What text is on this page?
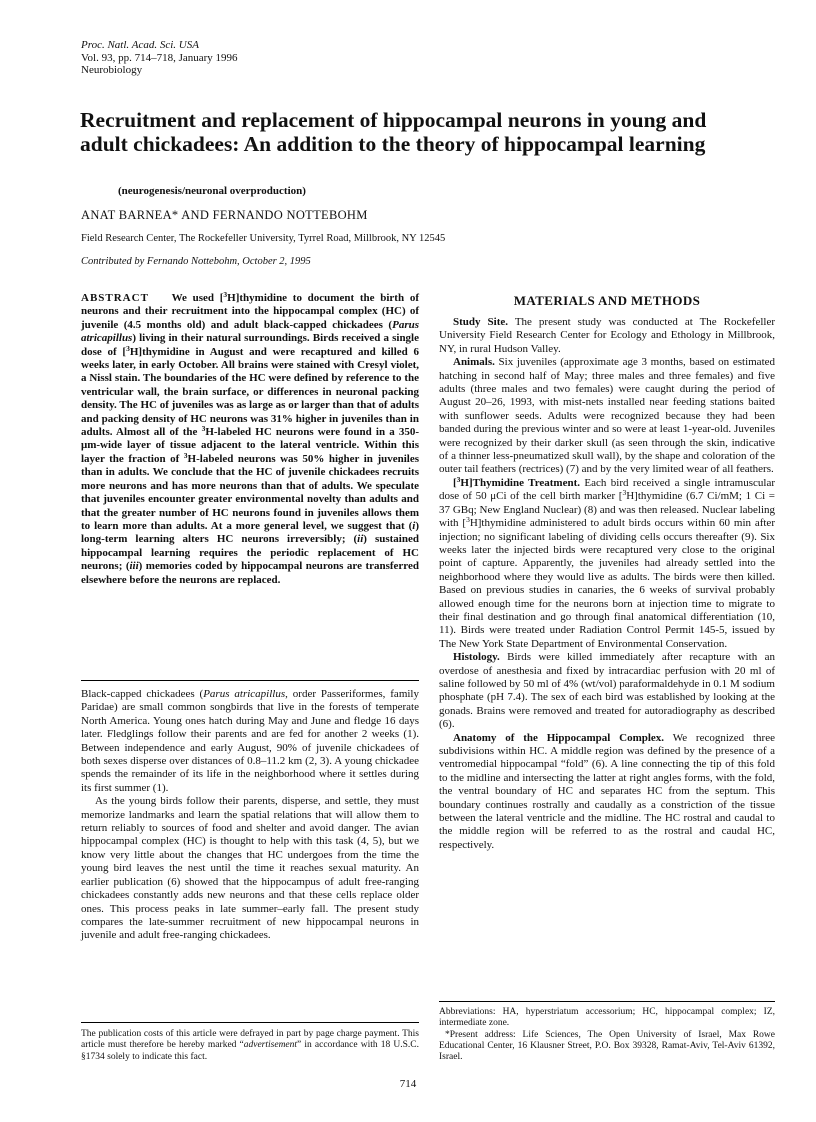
Proc. Natl. Acad. Sci. USA
Vol. 93, pp. 714–718, January 1996
Neurobiology
Recruitment and replacement of hippocampal neurons in young and adult chickadees: An addition to the theory of hippocampal learning
(neurogenesis/neuronal overproduction)
ANAT BARNEA* AND FERNANDO NOTTEBOHM
Field Research Center, The Rockefeller University, Tyrrel Road, Millbrook, NY 12545
Contributed by Fernando Nottebohm, October 2, 1995

ABSTRACT We used [$^3$H]thymidine to document the birth of neurons and their recruitment into the hippocampal complex (HC) of juvenile (4.5 months old) and adult black-capped chickadees (Parus atricapillus) living in their natural surroundings. Birds received a single dose of [$^3$H]thymidine in August and were recaptured and killed 6 weeks later, in early October. All brains were stained with Cresyl violet, a Nissl stain. The boundaries of the HC were defined by reference to the ventricular wall, the brain surface, or differences in neuronal packing density. The HC of juveniles was as large as or larger than that of adults and packing density of HC neurons was 31% higher in juveniles than in adults. Almost all of the $^3$H-labeled HC neurons were found in a 350-μm-wide layer of tissue adjacent to the lateral ventricle. Within this layer the fraction of $^3$H-labeled neurons was 50% higher in juveniles than in adults. We conclude that the HC of juvenile chickadees recruits more neurons and has more neurons than that of adults. We speculate that juveniles encounter greater environmental novelty than adults and that the greater number of HC neurons found in juveniles allows them to learn more than adults. At a more general level, we suggest that (i) long-term learning alters HC neurons irreversibly; (ii) sustained hippocampal learning requires the periodic replacement of HC neurons; (iii) memories coded by hippocampal neurons are transferred elsewhere before the neurons are replaced.

Black-capped chickadees (Parus atricapillus, order Passeriformes, family Paridae) are small common songbirds that live in the forests of temperate North America. Young ones hatch during May and June and fledge 16 days later. Fledglings follow their parents and are fed for another 2 weeks (1). Between independence and early August, 90% of juvenile chickadees of both sexes disperse over distances of 0.8–11.2 km (2, 3). A young chickadee spends the remainder of its life in the neighborhood where it settles during its first summer (1).

As the young birds follow their parents, disperse, and settle, they must memorize landmarks and learn the spatial relations that will allow them to return reliably to sources of food and shelter and avoid danger. The avian hippocampal complex (HC) is thought to help with this task (4, 5), but we know very little about the changes that HC undergoes from the time the young bird leaves the nest until the time it reaches sexual maturity. An earlier publication (6) showed that the hippocampus of adult free-ranging chickadees constantly adds new neurons and that these cells replace older ones. This process peaks in late summer–early fall. The present study compares the late-summer recruitment of new hippocampal neurons in juvenile and adult free-ranging chickadees.

The publication costs of this article were defrayed in part by page charge payment. This article must therefore be hereby marked “advertisement” in accordance with 18 U.S.C. §1734 solely to indicate this fact.

MATERIALS AND METHODS

Study Site. The present study was conducted at The Rockefeller University Field Research Center for Ecology and Ethology in Millbrook, NY, in rural Hudson Valley.

Animals. Six juveniles (approximate age 3 months, based on estimated hatching in second half of May; three males and three females) and five adults (three males and two females) were caught during the period of August 20–26, 1993, with mist-nets installed near feeding stations baited with sunflower seeds. Adults were recognized because they had been banded during the previous winter and so were at least 1-year-old. Juveniles were recognized by their darker skull (as seen through the skin, indicative of a thinner less-pneumatized skull wall), by the shape and coloration of the outer tail feathers (rectrices) (7) and by the very limited wear of all feathers.

[$^3$H]Thymidine Treatment. Each bird received a single intramuscular dose of 50 μCi of the cell birth marker [$^3$H]thymidine (6.7 Ci/mM; 1 Ci = 37 GBq; New England Nuclear) (8) and was then released. Nuclear labeling with [$^3$H]thymidine administered to adult birds occurs within 60 min after injection; no significant labeling of dividing cells occurs thereafter (9). Six weeks later the injected birds were recaptured very close to the original point of capture. Apparently, the juveniles had already settled into the neighborhood where they would live as adults. The birds were then killed. Based on previous studies in canaries, the 6 weeks of survival probably allowed enough time for the neurons born at injection time to migrate to their final destination and go through final anatomical differentiation (10, 11). Birds were treated under Radiation Control Permit 145-5, issued by The New York State Department of Environmental Conservation.

Histology. Birds were killed immediately after recapture with an overdose of anesthesia and fixed by intracardiac perfusion with 20 ml of saline followed by 50 ml of 4% (wt/vol) paraformaldehyde in 0.1 M sodium phosphate (pH 7.4). The sex of each bird was established by looking at the gonads. Brains were removed and treated for autoradiography as described (6).

Anatomy of the Hippocampal Complex. We recognized three subdivisions within HC. A middle region was defined by the presence of a ventromedial hippocampal “fold” (6). A line connecting the tip of this fold to the midline and intersecting the latter at right angles forms, with the fold, the ventral boundary of HC and separates HC from the septum. This boundary continues rostrally and caudally as a constriction of the tissue between the lateral ventricle and the midline. The HC rostral and caudal to the middle region will be referred to as the rostral and caudal HC, respectively.

Abbreviations: HA, hyperstriatum accessorium; HC, hippocampal complex; IZ, intermediate zone.

*Present address: Life Sciences, The Open University of Israel, Max Rowe Educational Center, 16 Klausner Street, P.O. Box 39328, Ramat-Aviv, Tel-Aviv 61392, Israel.

714
